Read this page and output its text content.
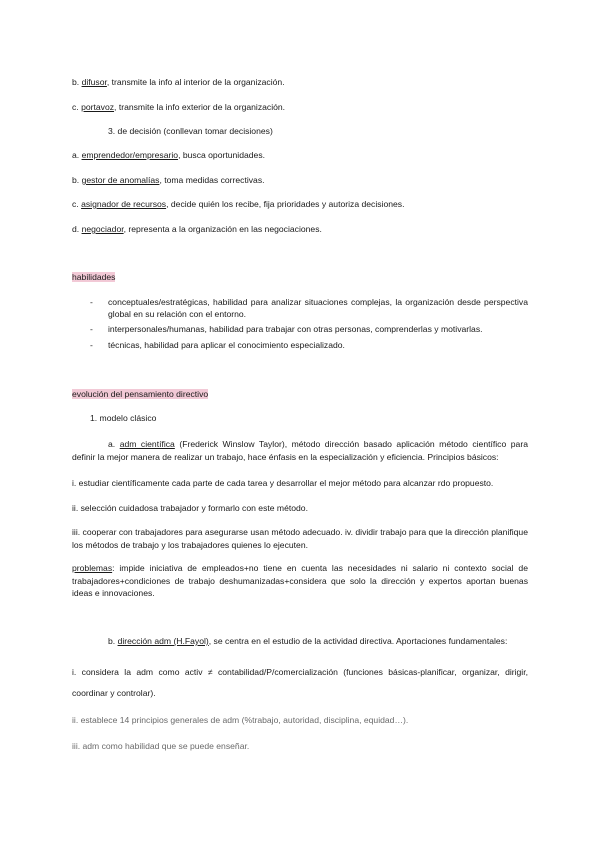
b. difusor, transmite la info al interior de la organización.
c. portavoz, transmite la info exterior de la organización.
3. de decisión (conllevan tomar decisiones)
a. emprendedor/empresario, busca oportunidades.
b. gestor de anomalías, toma medidas correctivas.
c. asignador de recursos, decide quién los recibe, fija prioridades y autoriza decisiones.
d. negociador, representa a la organización en las negociaciones.
habilidades
- conceptuales/estratégicas, habilidad para analizar situaciones complejas, la organización desde perspectiva global en su relación con el entorno.
- interpersonales/humanas, habilidad para trabajar con otras personas, comprenderlas y motivarlas.
- técnicas, habilidad para aplicar el conocimiento especializado.
evolución del pensamiento directivo
1. modelo clásico
a. adm científica (Frederick Winslow Taylor), método dirección basado aplicación método científico para definir la mejor manera de realizar un trabajo, hace énfasis en la especialización y eficiencia. Principios básicos:
i. estudiar científicamente cada parte de cada tarea y desarrollar el mejor método para alcanzar rdo propuesto.
ii. selección cuidadosa trabajador y formarlo con este método.
iii. cooperar con trabajadores para asegurarse usan método adecuado. iv. dividir trabajo para que la dirección planifique los métodos de trabajo y los trabajadores quienes lo ejecuten.
problemas: impide iniciativa de empleados+no tiene en cuenta las necesidades ni salario ni contexto social de trabajadores+condiciones de trabajo deshumanizadas+considera que solo la dirección y expertos aportan buenas ideas e innovaciones.
b. dirección adm (H.Fayol), se centra en el estudio de la actividad directiva. Aportaciones fundamentales:
i. considera la adm como activ ≠ contabilidad/P/comercialización (funciones básicas-planificar, organizar, dirigir, coordinar y controlar).
ii. establece 14 principios generales de adm (%trabajo, autoridad, disciplina, equidad…).
iii. adm como habilidad que se puede enseñar.
